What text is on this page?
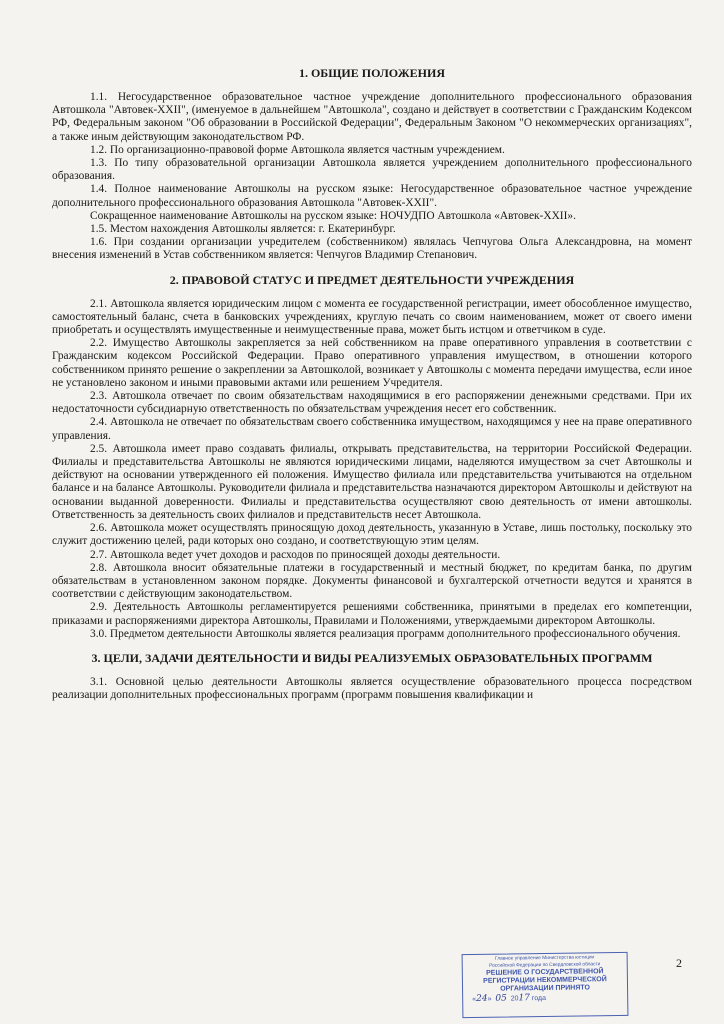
1. ОБЩИЕ ПОЛОЖЕНИЯ

1.1. Негосударственное образовательное частное учреждение дополнительного профессионального образования Автошкола "Автовек-XXII", (именуемое в дальнейшем "Автошкола", создано и действует в соответствии с Гражданским Кодексом РФ, Федеральным законом "Об образовании в Российской Федерации", Федеральным Законом "О некоммерческих организациях", а также иным действующим законодательством РФ.

1.2. По организационно-правовой форме Автошкола является частным учреждением.

1.3. По типу образовательной организации Автошкола является учреждением дополнительного профессионального образования.

1.4. Полное наименование Автошколы на русском языке: Негосударственное образовательное частное учреждение дополнительного профессионального образования Автошкола "Автовек-XXII".

Сокращенное наименование Автошколы на русском языке: НОЧУДПО Автошкола «Автовек-XXII».

1.5. Местом нахождения Автошколы является: г. Екатеринбург.

1.6. При создании организации учредителем (собственником) являлась Чепчугова Ольга Александровна, на момент внесения изменений в Устав собственником является: Чепчугов Владимир Степанович.

2. ПРАВОВОЙ СТАТУС И ПРЕДМЕТ ДЕЯТЕЛЬНОСТИ УЧРЕЖДЕНИЯ

2.1. Автошкола является юридическим лицом с момента ее государственной регистрации, имеет обособленное имущество, самостоятельный баланс, счета в банковских учреждениях, круглую печать со своим наименованием, может от своего имени приобретать и осуществлять имущественные и неимущественные права, может быть истцом и ответчиком в суде.

2.2. Имущество Автошколы закрепляется за ней собственником на праве оперативного управления в соответствии с Гражданским кодексом Российской Федерации. Право оперативного управления имуществом, в отношении которого собственником принято решение о закреплении за Автошколой, возникает у Автошколы с момента передачи имущества, если иное не установлено законом и иными правовыми актами или решением Учредителя.

2.3. Автошкола отвечает по своим обязательствам находящимися в его распоряжении денежными средствами. При их недостаточности субсидиарную ответственность по обязательствам учреждения несет его собственник.

2.4. Автошкола не отвечает по обязательствам своего собственника имуществом, находящимся у нее на праве оперативного управления.

2.5. Автошкола имеет право создавать филиалы, открывать представительства, на территории Российской Федерации. Филиалы и представительства Автошколы не являются юридическими лицами, наделяются имуществом за счет Автошколы и действуют на основании утвержденного ей положения. Имущество филиала или представительства учитываются на отдельном балансе и на балансе Автошколы. Руководители филиала и представительства назначаются директором Автошколы и действуют на основании выданной доверенности. Филиалы и представительства осуществляют свою деятельность от имени автошколы. Ответственность за деятельность своих филиалов и представительств несет Автошкола.

2.6. Автошкола может осуществлять приносящую доход деятельность, указанную в Уставе, лишь постольку, поскольку это служит достижению целей, ради которых оно создано, и соответствующую этим целям.

2.7. Автошкола ведет учет доходов и расходов по приносящей доходы деятельности.

2.8. Автошкола вносит обязательные платежи в государственный и местный бюджет, по кредитам банка, по другим обязательствам в установленном законом порядке. Документы финансовой и бухгалтерской отчетности ведутся и хранятся в соответствии с действующим законодательством.

2.9. Деятельность Автошколы регламентируется решениями собственника, принятыми в пределах его компетенции, приказами и распоряжениями директора Автошколы, Правилами и Положениями, утверждаемыми директором Автошколы.

3.0. Предметом деятельности Автошколы является реализация программ дополнительного профессионального обучения.

3. ЦЕЛИ, ЗАДАЧИ ДЕЯТЕЛЬНОСТИ И ВИДЫ РЕАЛИЗУЕМЫХ ОБРАЗОВАТЕЛЬНЫХ ПРОГРАММ

3.1. Основной целью деятельности Автошколы является осуществление образовательного процесса посредством реализации дополнительных профессиональных программ (программ повышения квалификации и

Главное управление Министерства юстиции
Российской Федерации по Свердловской области
РЕШЕНИЕ О ГОСУДАРСТВЕННОЙ
РЕГИСТРАЦИИ НЕКОММЕРЧЕСКОЙ
ОРГАНИЗАЦИИ ПРИНЯТО
«24»  05 2017 года
2
